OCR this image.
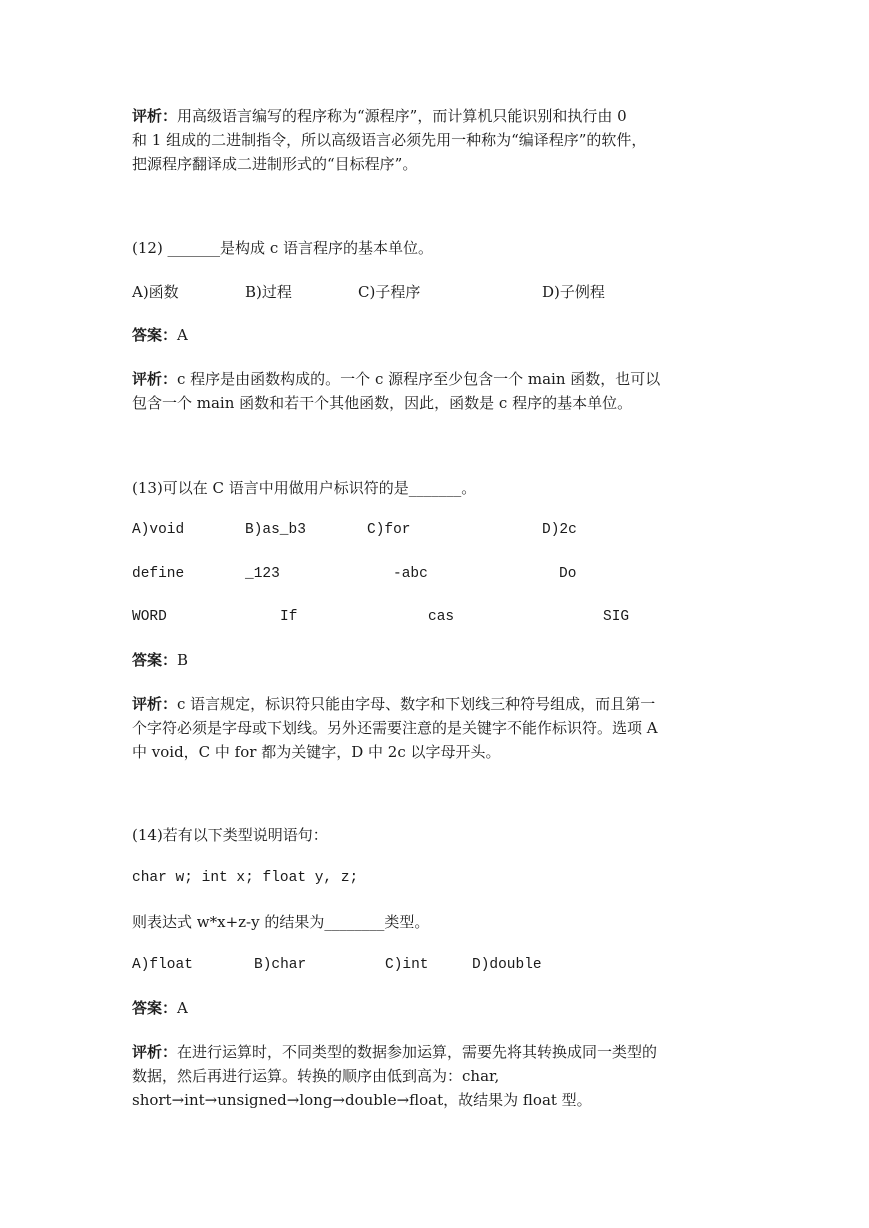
评析：用高级语言编写的程序称为“源程序”，而计算机只能识别和执行由 0
和 1 组成的二进制指令，所以高级语言必须先用一种称为“编译程序”的软件，
把源程序翻译成二进制形式的“目标程序”。
(12) _______是构成 c 语言程序的基本单位。
A)函数	B)过程	C)子程序	D)子例程
答案：A
评析：c 程序是由函数构成的。一个 c 源程序至少包含一个 main 函数，也可以
包含一个 main 函数和若干个其他函数，因此，函数是 c 程序的基本单位。
(13)可以在 C 语言中用做用户标识符的是_______。
A)void	B)as_b3	C)for	D)2c
define	_123	-abc	Do
WORD	If	cas	SIG
答案：B
评析：c 语言规定，标识符只能由字母、数字和下划线三种符号组成，而且第一
个字符必须是字母或下划线。另外还需要注意的是关键字不能作标识符。选项 A
中 void，C 中 for 都为关键字，D 中 2c 以字母开头。
(14)若有以下类型说明语句：
char w; int x; float y, z;
则表达式 w*x+z-y 的结果为________类型。
A)float	B)char	C)int	D)double
答案：A
评析：在进行运算时，不同类型的数据参加运算，需要先将其转换成同一类型的
数据，然后再进行运算。转换的顺序由低到高为：char,
short→int→unsigned→long→double→float，故结果为 float 型。
